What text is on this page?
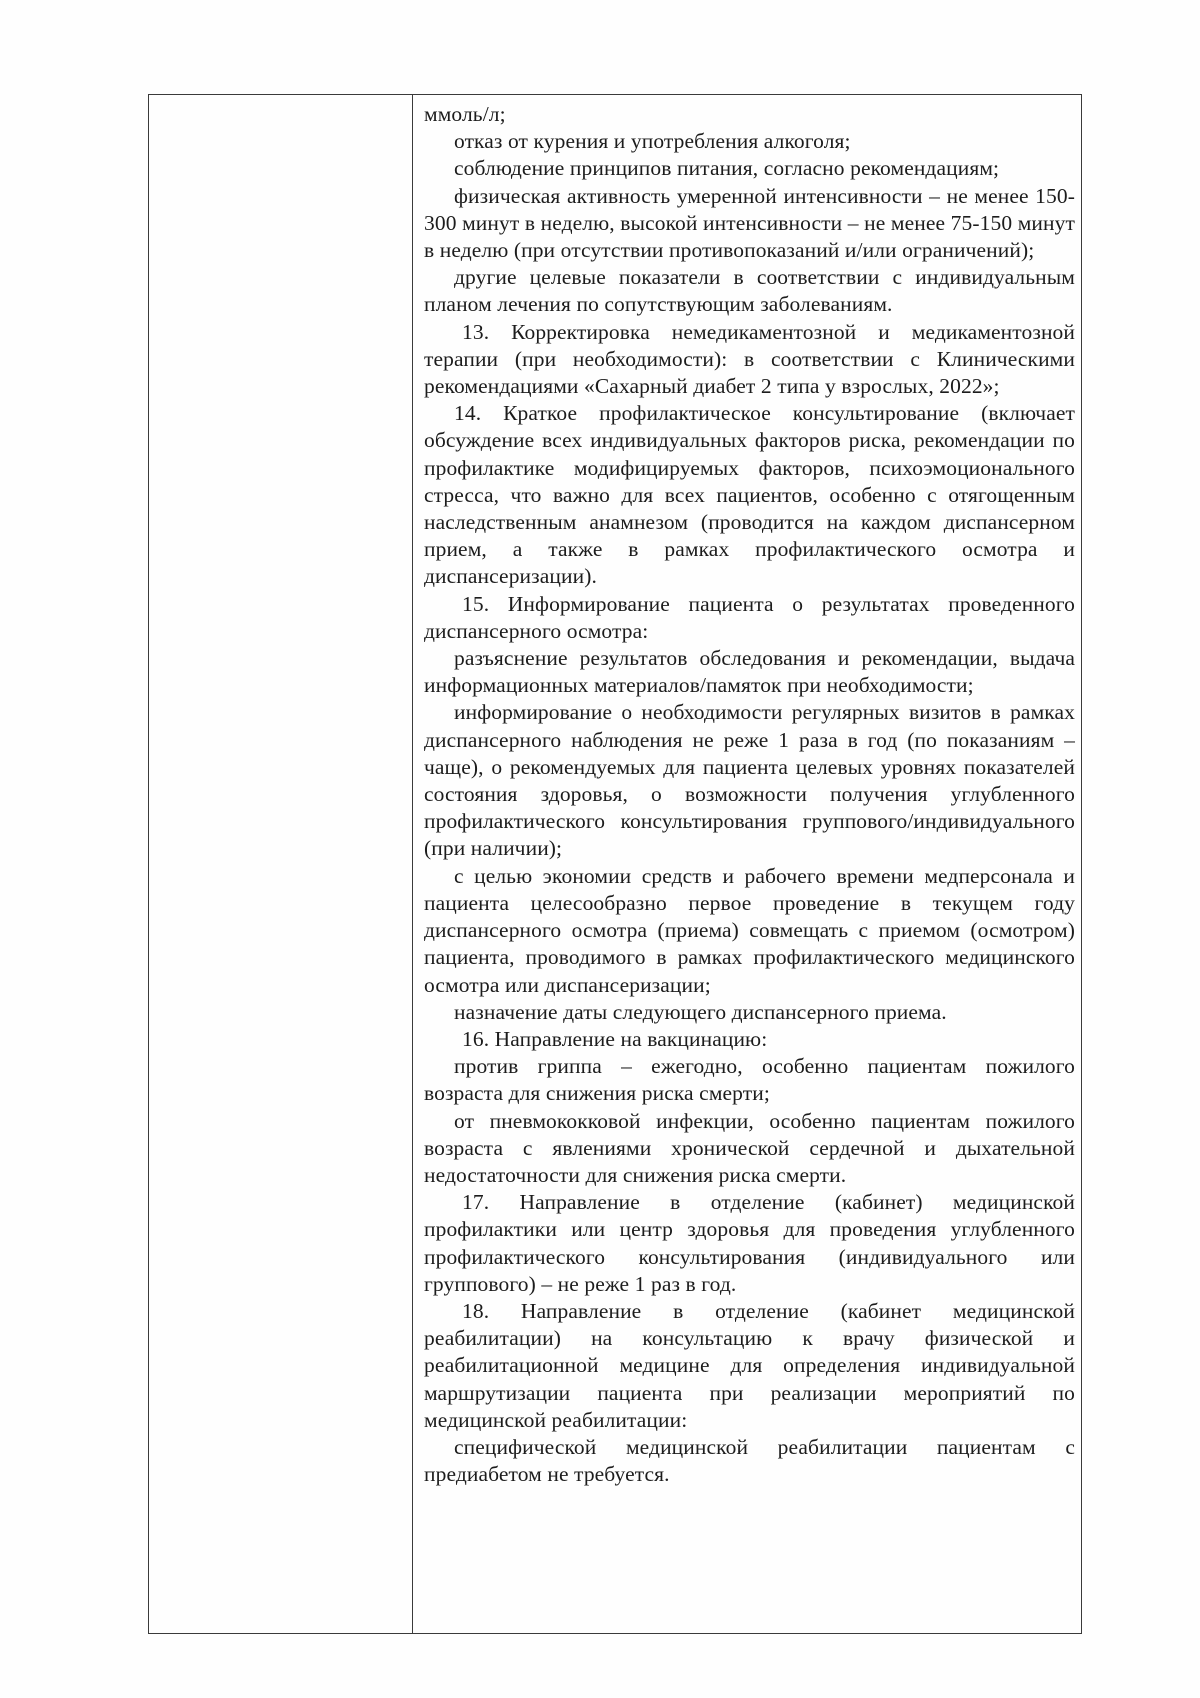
ммоль/л;

отказ от курения и употребления алкоголя;

соблюдение принципов питания, согласно рекомендациям;

физическая активность умеренной интенсивности – не менее 150-300 минут в неделю, высокой интенсивности – не менее 75-150 минут в неделю (при отсутствии противопоказаний и/или ограничений);

другие целевые показатели в соответствии с индивидуальным планом лечения по сопутствующим заболеваниям.

13. Корректировка немедикаментозной и медикаментозной терапии (при необходимости): в соответствии с Клиническими рекомендациями «Сахарный диабет 2 типа у взрослых, 2022»;

14. Краткое профилактическое консультирование (включает обсуждение всех индивидуальных факторов риска, рекомендации по профилактике модифицируемых факторов, психоэмоционального стресса, что важно для всех пациентов, особенно с отягощенным наследственным анамнезом (проводится на каждом диспансерном прием, а также в рамках профилактического осмотра и диспансеризации).

15. Информирование пациента о результатах проведенного диспансерного осмотра:

разъяснение результатов обследования и рекомендации, выдача информационных материалов/памяток при необходимости;

информирование о необходимости регулярных визитов в рамках диспансерного наблюдения не реже 1 раза в год (по показаниям – чаще), о рекомендуемых для пациента целевых уровнях показателей состояния здоровья, о возможности получения углубленного профилактического консультирования группового/индивидуального (при наличии);

с целью экономии средств и рабочего времени медперсонала и пациента целесообразно первое проведение в текущем году диспансерного осмотра (приема) совмещать с приемом (осмотром) пациента, проводимого в рамках профилактического медицинского осмотра или диспансеризации;

назначение даты следующего диспансерного приема.

16. Направление на вакцинацию:

против гриппа – ежегодно, особенно пациентам пожилого возраста для снижения риска смерти;

от пневмококковой инфекции, особенно пациентам пожилого возраста с явлениями хронической сердечной и дыхательной недостаточности для снижения риска смерти.

17. Направление в отделение (кабинет) медицинской профилактики или центр здоровья для проведения углубленного профилактического консультирования (индивидуального или группового) – не реже 1 раз в год.

18. Направление в отделение (кабинет медицинской реабилитации) на консультацию к врачу физической и реабилитационной медицине для определения индивидуальной маршрутизации пациента при реализации мероприятий по медицинской реабилитации:

специфической медицинской реабилитации пациентам с предиабетом не требуется.
